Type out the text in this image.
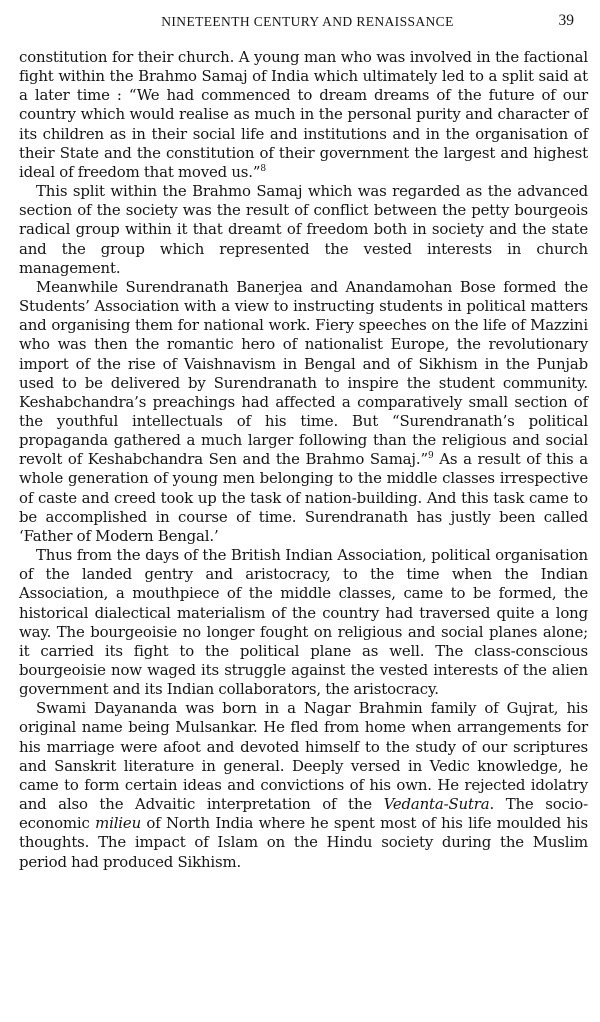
NINETEENTH CENTURY AND RENAISSANCE	39

constitution for their church. A young man who was involved in the factional fight within the Brahmo Samaj of India which ultimately led to a split said at a later time : “We had commenced to dream dreams of the future of our country which would realise as much in the personal purity and character of its children as in their social life and institutions and in the organisation of their State and the constitution of their government the largest and highest ideal of freedom that moved us.”$^8$

This split within the Brahmo Samaj which was regarded as the advanced section of the society was the result of conflict between the petty bourgeois radical group within it that dreamt of freedom both in society and the state and the group which represented the vested interests in church management.

Meanwhile Surendranath Banerjea and Anandamohan Bose formed the Students’ Association with a view to instructing students in political matters and organising them for national work. Fiery speeches on the life of Mazzini who was then the romantic hero of nationalist Europe, the revolutionary import of the rise of Vaishnavism in Bengal and of Sikhism in the Punjab used to be delivered by Surendranath to inspire the student community. Keshabchandra’s preachings had affected a comparatively small section of the youthful intellectuals of his time. But “Surendranath’s political propaganda gathered a much larger following than the religious and social revolt of Keshabchandra Sen and the Brahmo Samaj.”$^9$ As a result of this a whole generation of young men belonging to the middle classes irrespective of caste and creed took up the task of nation-building. And this task came to be accomplished in course of time. Surendranath has justly been called ‘Father of Modern Bengal.’

Thus from the days of the British Indian Association, political organisation of the landed gentry and aristocracy, to the time when the Indian Association, a mouthpiece of the middle classes, came to be formed, the historical dialectical materialism of the country had traversed quite a long way. The bourgeoisie no longer fought on religious and social planes alone; it carried its fight to the political plane as well. The class-conscious bourgeoisie now waged its struggle against the vested interests of the alien government and its Indian collaborators, the aristocracy.

Swami Dayananda was born in a Nagar Brahmin family of Gujrat, his original name being Mulsankar. He fled from home when arrangements for his marriage were afoot and devoted himself to the study of our scriptures and Sanskrit literature in general. Deeply versed in Vedic knowledge, he came to form certain ideas and convictions of his own. He rejected idolatry and also the Advaitic interpretation of the Vedanta-Sutra. The socio-economic milieu of North India where he spent most of his life moulded his thoughts. The impact of Islam on the Hindu society during the Muslim period had produced Sikhism.
